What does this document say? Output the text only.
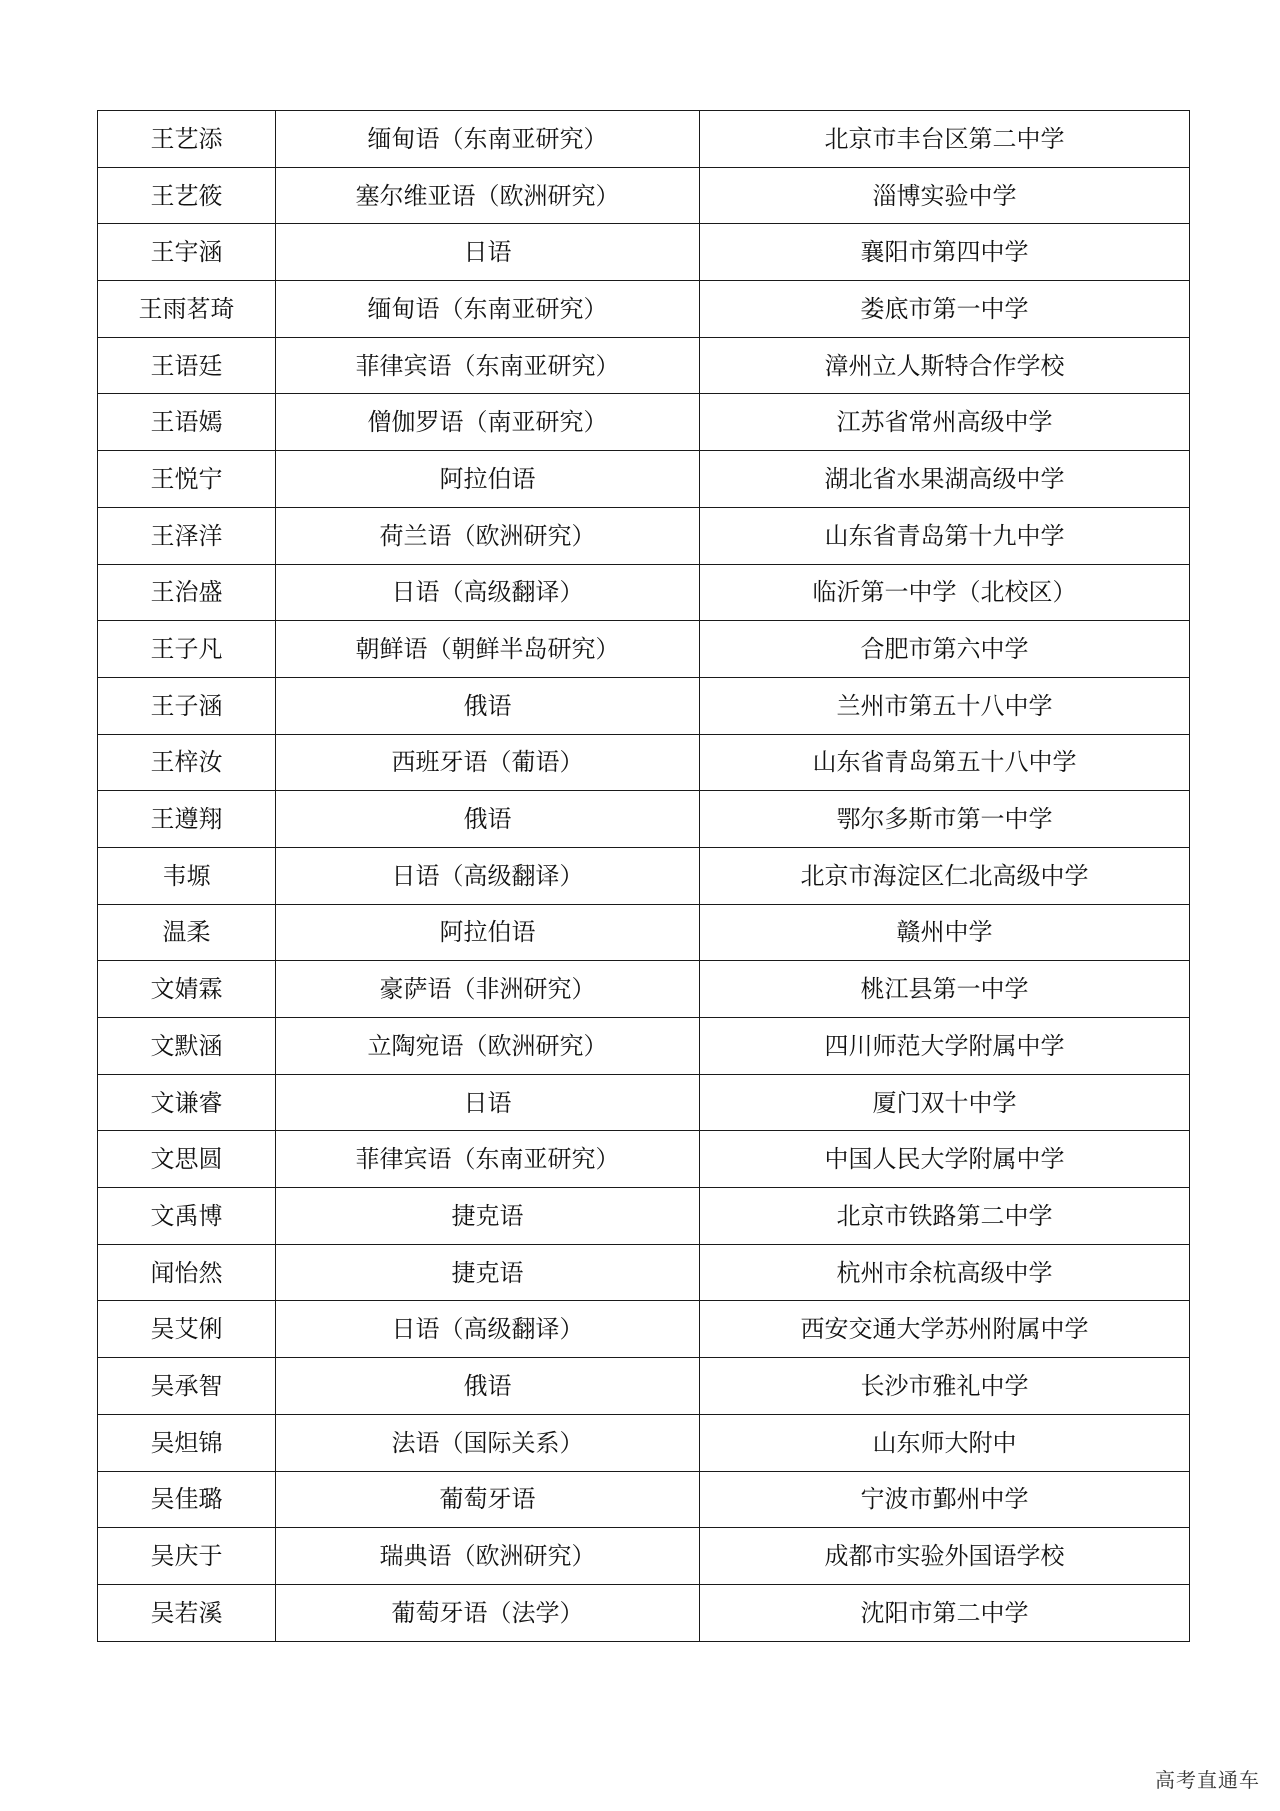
王艺添	缅甸语（东南亚研究）	北京市丰台区第二中学
王艺筱	塞尔维亚语（欧洲研究）	淄博实验中学
王宇涵	日语	襄阳市第四中学
王雨茗琦	缅甸语（东南亚研究）	娄底市第一中学
王语廷	菲律宾语（东南亚研究）	漳州立人斯特合作学校
王语嫣	僧伽罗语（南亚研究）	江苏省常州高级中学
王悦宁	阿拉伯语	湖北省水果湖高级中学
王泽洋	荷兰语（欧洲研究）	山东省青岛第十九中学
王治盛	日语（高级翻译）	临沂第一中学（北校区）
王子凡	朝鲜语（朝鲜半岛研究）	合肥市第六中学
王子涵	俄语	兰州市第五十八中学
王梓汝	西班牙语（葡语）	山东省青岛第五十八中学
王遵翔	俄语	鄂尔多斯市第一中学
韦塬	日语（高级翻译）	北京市海淀区仁北高级中学
温柔	阿拉伯语	赣州中学
文婧霖	豪萨语（非洲研究）	桃江县第一中学
文默涵	立陶宛语（欧洲研究）	四川师范大学附属中学
文谦睿	日语	厦门双十中学
文思圆	菲律宾语（东南亚研究）	中国人民大学附属中学
文禹博	捷克语	北京市铁路第二中学
闻怡然	捷克语	杭州市余杭高级中学
吴艾俐	日语（高级翻译）	西安交通大学苏州附属中学
吴承智	俄语	长沙市雅礼中学
吴炟锦	法语（国际关系）	山东师大附中
吴佳璐	葡萄牙语	宁波市鄞州中学
吴庆于	瑞典语（欧洲研究）	成都市实验外国语学校
吴若溪	葡萄牙语（法学）	沈阳市第二中学
高考直通车
